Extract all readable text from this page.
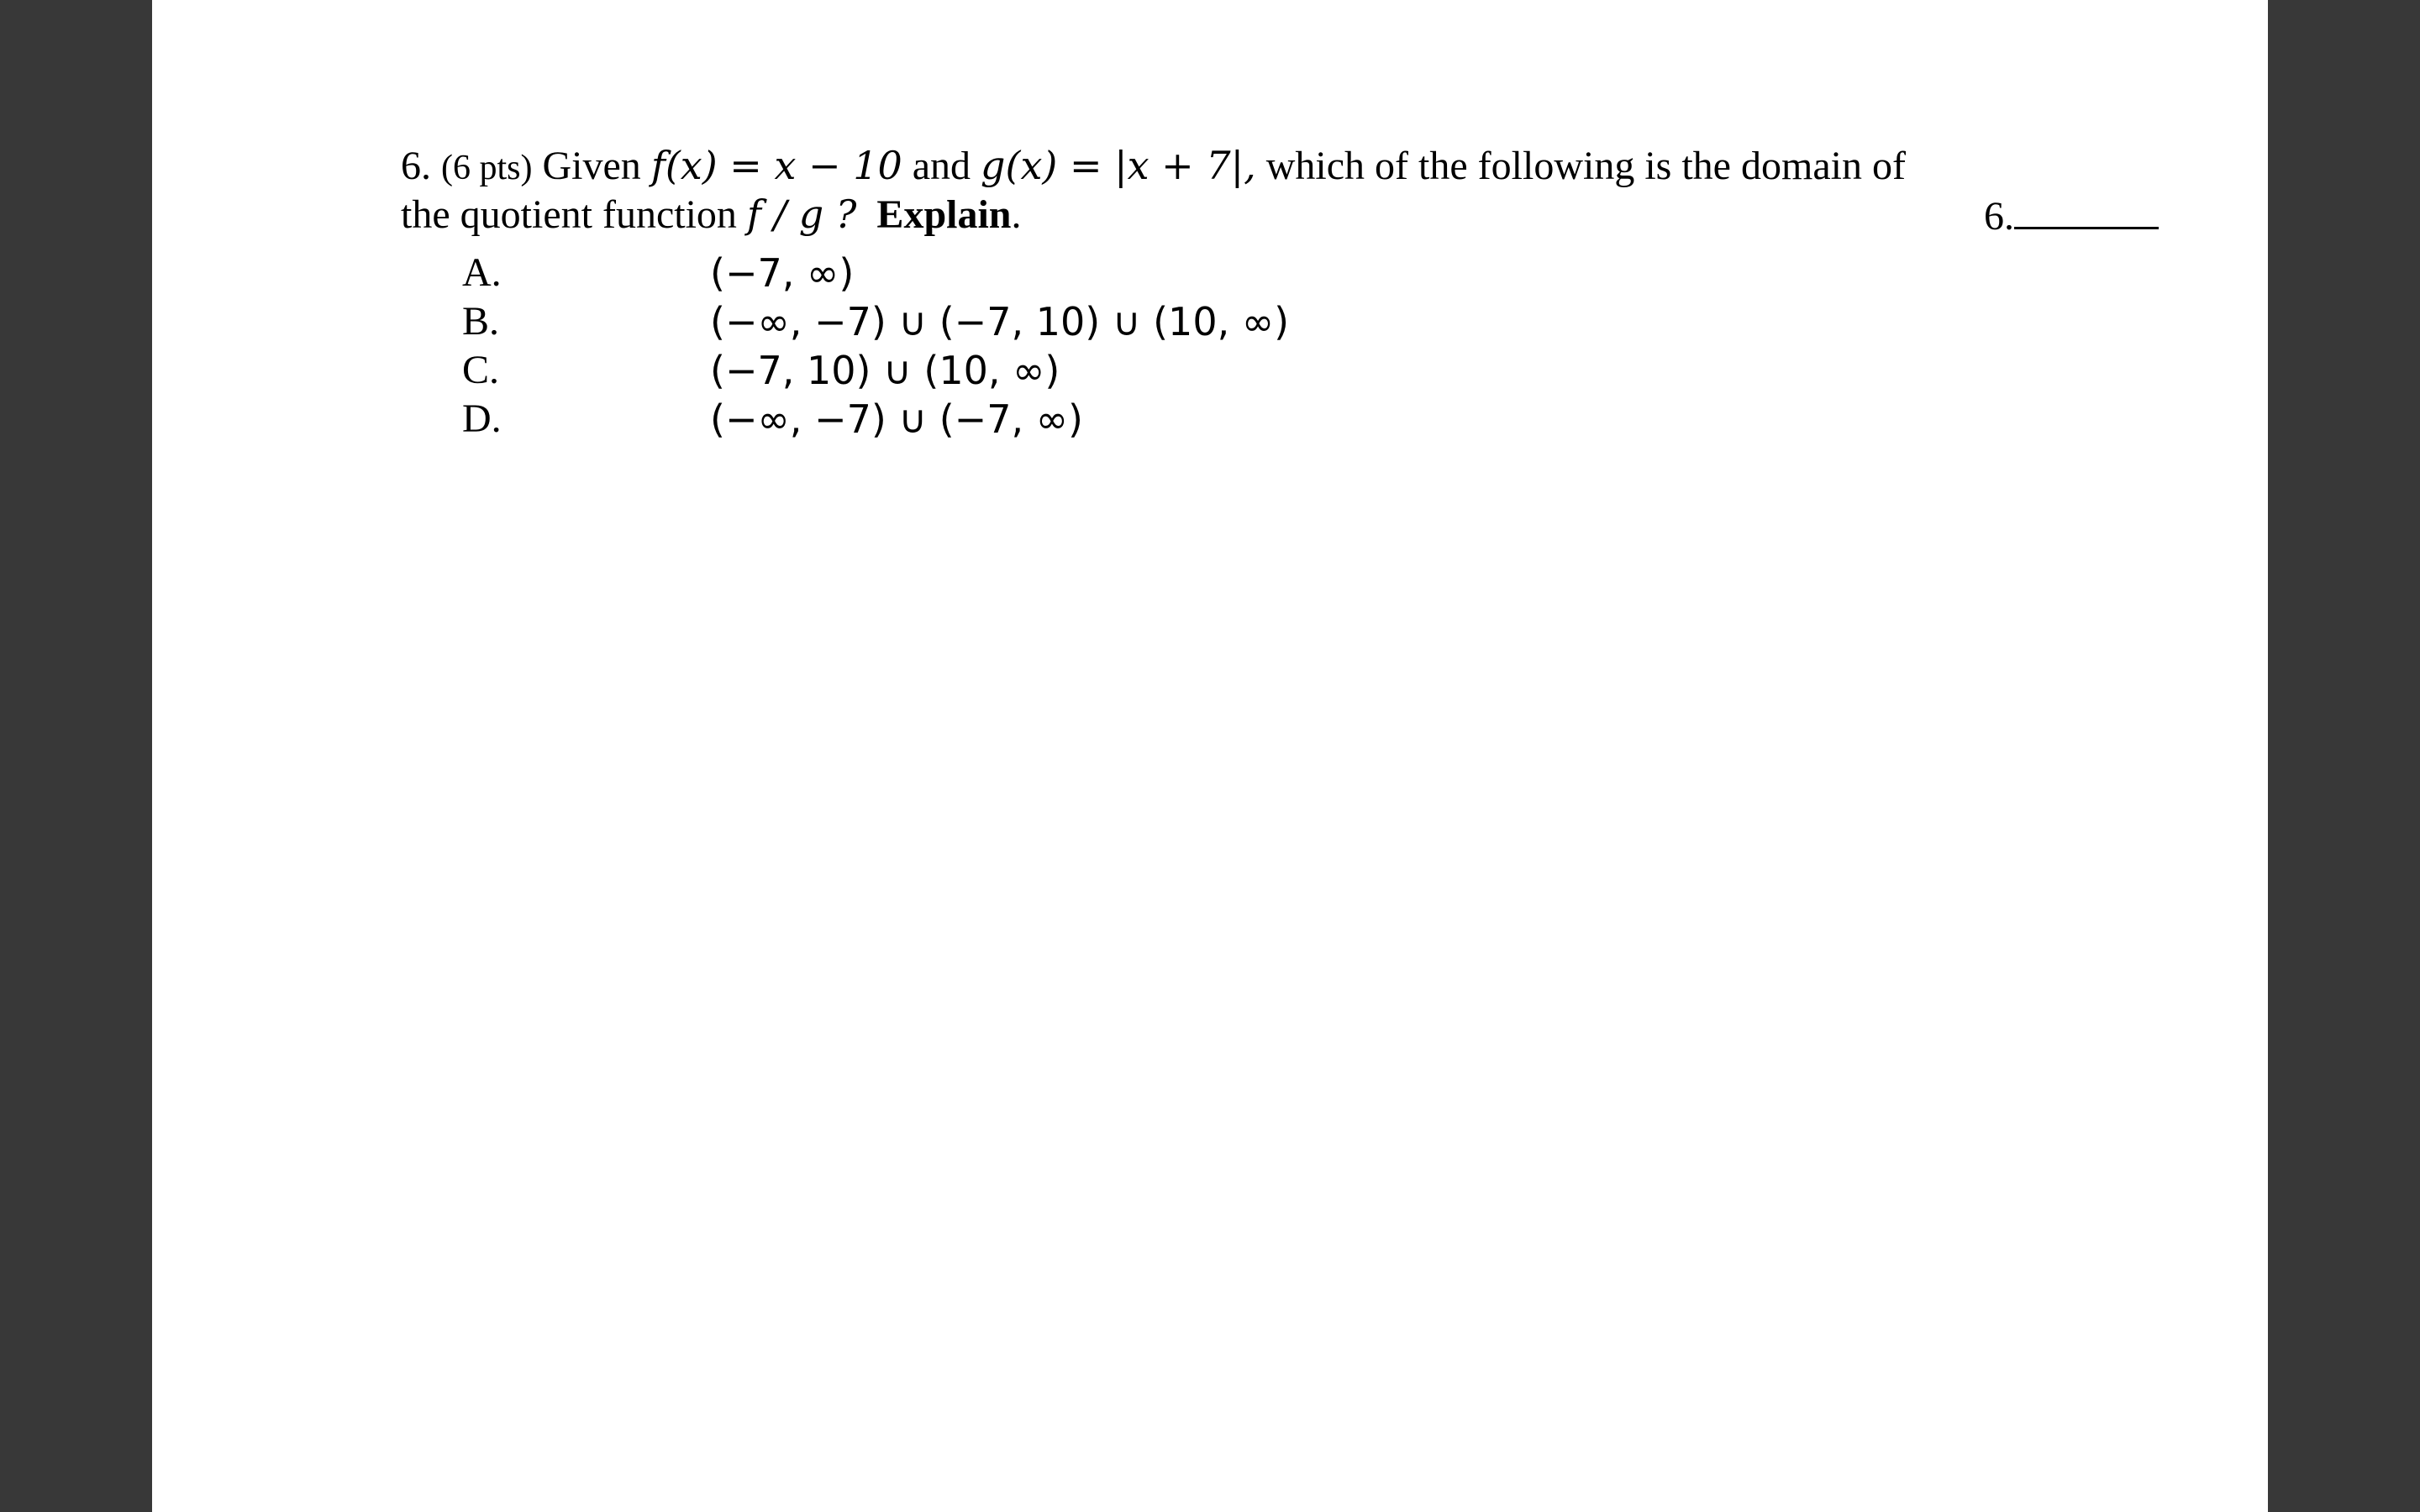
6. (6 pts) Given f(x) = x − 10 and g(x) = |x + 7|, which of the following is the domain of
the quotient function f / g ? Explain.	6.
A.	(−7, ∞)
B.	(−∞, −7) ∪ (−7, 10) ∪ (10, ∞)
C.	(−7, 10) ∪ (10, ∞)
D.	(−∞, −7) ∪ (−7, ∞)
